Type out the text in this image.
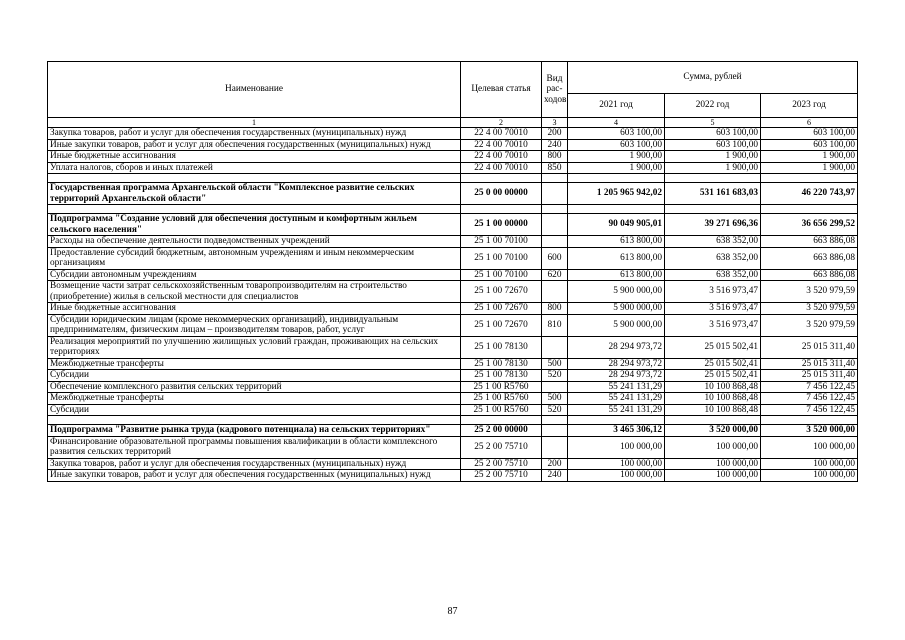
Наименование	Целевая статья	Вид рас-ходов	Сумма, рублей		
			2021 год	2022 год	2023 год
1	2	3	4	5	6
Закупка товаров, работ и услуг для обеспечения государственных (муниципальных) нужд	22 4 00 70010	200	603 100,00	603 100,00	603 100,00
Иные закупки товаров, работ и услуг для обеспечения государственных (муниципальных) нужд	22 4 00 70010	240	603 100,00	603 100,00	603 100,00
Иные бюджетные ассигнования	22 4 00 70010	800	1 900,00	1 900,00	1 900,00
Уплата налогов, сборов и иных платежей	22 4 00 70010	850	1 900,00	1 900,00	1 900,00

Государственная программа Архангельской области "Комплексное развитие сельских территорий Архангельской области"	25 0 00 00000		1 205 965 942,02	531 161 683,03	46 220 743,97

Подпрограмма "Создание условий для обеспечения доступным и комфортным жильем сельского населения"	25 1 00 00000		90 049 905,01	39 271 696,36	36 656 299,52
Расходы на обеспечение деятельности подведомственных учреждений	25 1 00 70100		613 800,00	638 352,00	663 886,08
Предоставление субсидий бюджетным, автономным учреждениям и иным некоммерческим организациям	25 1 00 70100	600	613 800,00	638 352,00	663 886,08
Субсидии автономным учреждениям	25 1 00 70100	620	613 800,00	638 352,00	663 886,08
Возмещение части затрат сельскохозяйственным товаропроизводителям на строительство (приобретение) жилья в сельской местности для специалистов	25 1 00 72670		5 900 000,00	3 516 973,47	3 520 979,59
Иные бюджетные ассигнования	25 1 00 72670	800	5 900 000,00	3 516 973,47	3 520 979,59
Субсидии юридическим лицам (кроме некоммерческих организаций), индивидуальным предпринимателям, физическим лицам – производителям товаров, работ, услуг	25 1 00 72670	810	5 900 000,00	3 516 973,47	3 520 979,59
Реализация мероприятий по улучшению жилищных условий граждан, проживающих на сельских территориях	25 1 00 78130		28 294 973,72	25 015 502,41	25 015 311,40
Межбюджетные трансферты	25 1 00 78130	500	28 294 973,72	25 015 502,41	25 015 311,40
Субсидии	25 1 00 78130	520	28 294 973,72	25 015 502,41	25 015 311,40
Обеспечение комплексного развития сельских территорий	25 1 00 R5760		55 241 131,29	10 100 868,48	7 456 122,45
Межбюджетные трансферты	25 1 00 R5760	500	55 241 131,29	10 100 868,48	7 456 122,45
Субсидии	25 1 00 R5760	520	55 241 131,29	10 100 868,48	7 456 122,45

Подпрограмма "Развитие рынка труда (кадрового потенциала) на сельских территориях"	25 2 00 00000		3 465 306,12	3 520 000,00	3 520 000,00
Финансирование образовательной программы повышения квалификации в области комплексного развития сельских территорий	25 2 00 75710		100 000,00	100 000,00	100 000,00
Закупка товаров, работ и услуг для обеспечения государственных (муниципальных) нужд	25 2 00 75710	200	100 000,00	100 000,00	100 000,00
Иные закупки товаров, работ и услуг для обеспечения государственных (муниципальных) нужд	25 2 00 75710	240	100 000,00	100 000,00	100 000,00
87
